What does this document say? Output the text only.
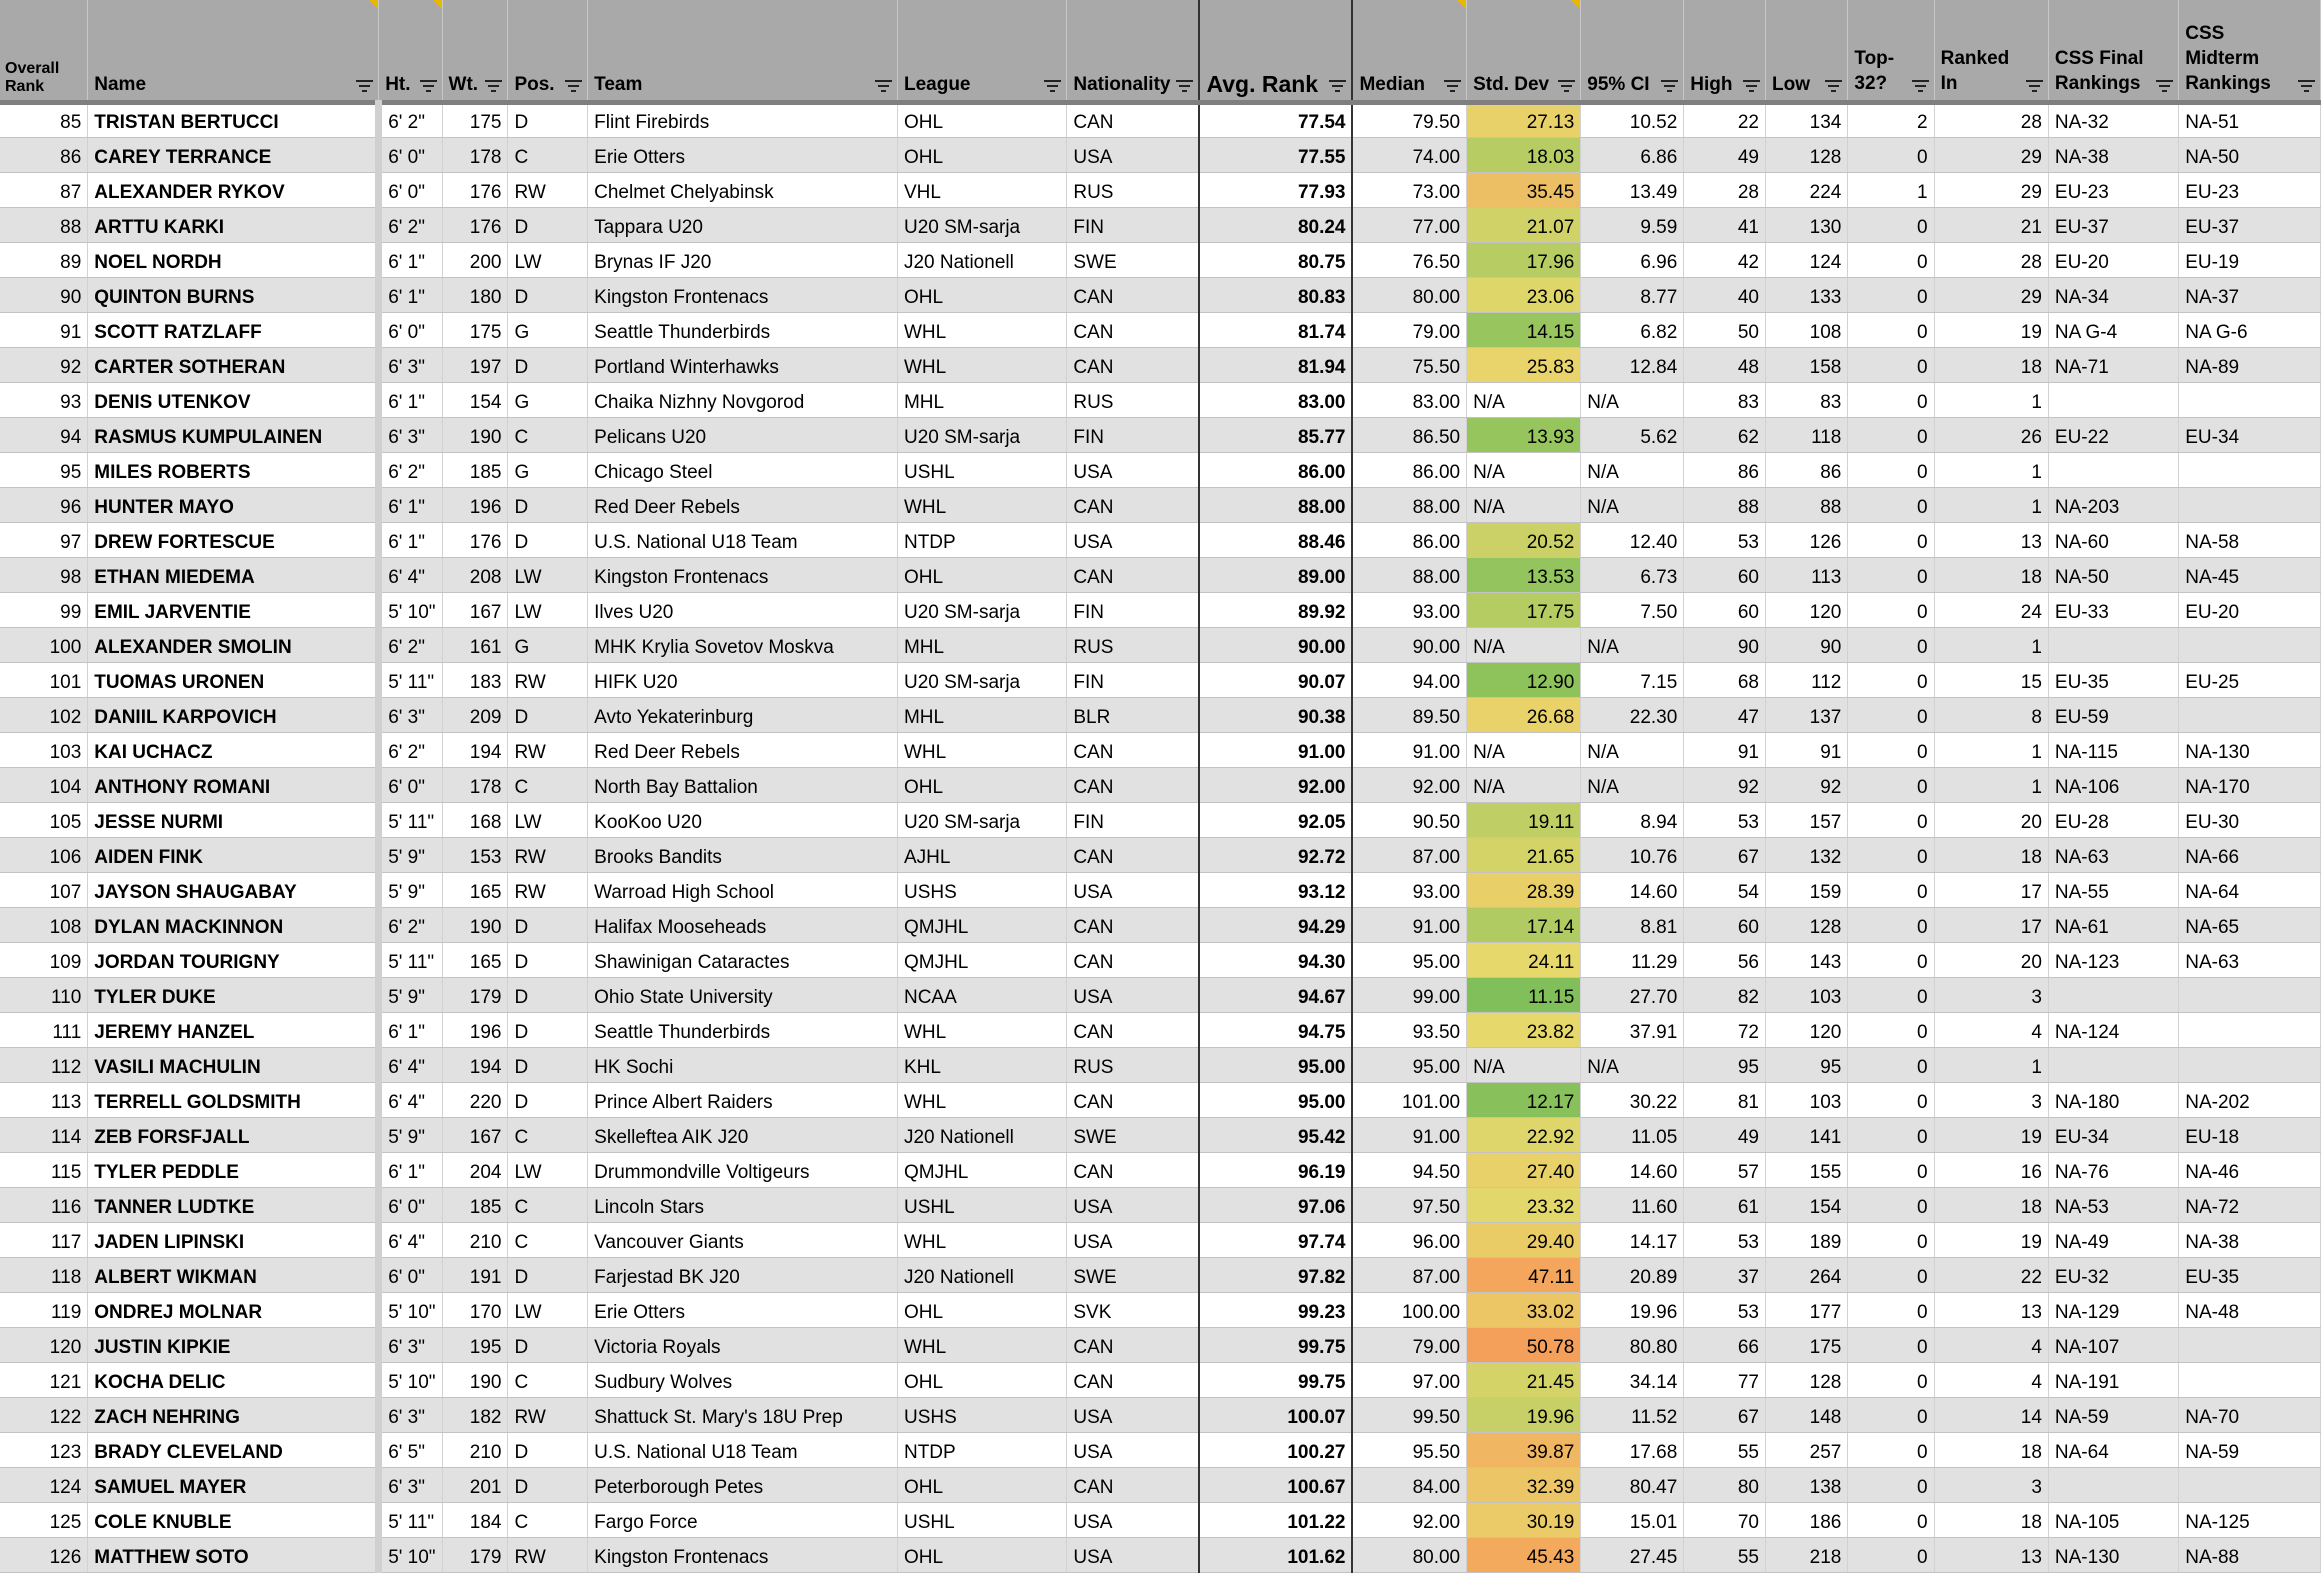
Overall Rank	Name	Ht.	Wt.	Pos.	Team	League	Nationality	Avg. Rank	Median	Std. Dev	95% CI	High	Low	Top-32?	Ranked In	CSS Final Rankings	CSS Midterm Rankings

85	TRISTAN BERTUCCI	6' 2"	175	D	Flint Firebirds	OHL	CAN	77.54	79.50	27.13	10.52	22	134	2	28	NA-32	NA-51
86	CAREY TERRANCE	6' 0"	178	C	Erie Otters	OHL	USA	77.55	74.00	18.03	6.86	49	128	0	29	NA-38	NA-50
87	ALEXANDER RYKOV	6' 0"	176	RW	Chelmet Chelyabinsk	VHL	RUS	77.93	73.00	35.45	13.49	28	224	1	29	EU-23	EU-23
88	ARTTU KARKI	6' 2"	176	D	Tappara U20	U20 SM-sarja	FIN	80.24	77.00	21.07	9.59	41	130	0	21	EU-37	EU-37
89	NOEL NORDH	6' 1"	200	LW	Brynas IF J20	J20 Nationell	SWE	80.75	76.50	17.96	6.96	42	124	0	28	EU-20	EU-19
90	QUINTON BURNS	6' 1"	180	D	Kingston Frontenacs	OHL	CAN	80.83	80.00	23.06	8.77	40	133	0	29	NA-34	NA-37
91	SCOTT RATZLAFF	6' 0"	175	G	Seattle Thunderbirds	WHL	CAN	81.74	79.00	14.15	6.82	50	108	0	19	NA G-4	NA G-6
92	CARTER SOTHERAN	6' 3"	197	D	Portland Winterhawks	WHL	CAN	81.94	75.50	25.83	12.84	48	158	0	18	NA-71	NA-89
93	DENIS UTENKOV	6' 1"	154	G	Chaika Nizhny Novgorod	MHL	RUS	83.00	83.00	N/A	N/A	83	83	0	1		
94	RASMUS KUMPULAINEN	6' 3"	190	C	Pelicans U20	U20 SM-sarja	FIN	85.77	86.50	13.93	5.62	62	118	0	26	EU-22	EU-34
95	MILES ROBERTS	6' 2"	185	G	Chicago Steel	USHL	USA	86.00	86.00	N/A	N/A	86	86	0	1		
96	HUNTER MAYO	6' 1"	196	D	Red Deer Rebels	WHL	CAN	88.00	88.00	N/A	N/A	88	88	0	1	NA-203	
97	DREW FORTESCUE	6' 1"	176	D	U.S. National U18 Team	NTDP	USA	88.46	86.00	20.52	12.40	53	126	0	13	NA-60	NA-58
98	ETHAN MIEDEMA	6' 4"	208	LW	Kingston Frontenacs	OHL	CAN	89.00	88.00	13.53	6.73	60	113	0	18	NA-50	NA-45
99	EMIL JARVENTIE	5' 10"	167	LW	Ilves U20	U20 SM-sarja	FIN	89.92	93.00	17.75	7.50	60	120	0	24	EU-33	EU-20
100	ALEXANDER SMOLIN	6' 2"	161	G	MHK Krylia Sovetov Moskva	MHL	RUS	90.00	90.00	N/A	N/A	90	90	0	1		
101	TUOMAS URONEN	5' 11"	183	RW	HIFK U20	U20 SM-sarja	FIN	90.07	94.00	12.90	7.15	68	112	0	15	EU-35	EU-25
102	DANIIL KARPOVICH	6' 3"	209	D	Avto Yekaterinburg	MHL	BLR	90.38	89.50	26.68	22.30	47	137	0	8	EU-59	
103	KAI UCHACZ	6' 2"	194	RW	Red Deer Rebels	WHL	CAN	91.00	91.00	N/A	N/A	91	91	0	1	NA-115	NA-130
104	ANTHONY ROMANI	6' 0"	178	C	North Bay Battalion	OHL	CAN	92.00	92.00	N/A	N/A	92	92	0	1	NA-106	NA-170
105	JESSE NURMI	5' 11"	168	LW	KooKoo U20	U20 SM-sarja	FIN	92.05	90.50	19.11	8.94	53	157	0	20	EU-28	EU-30
106	AIDEN FINK	5' 9"	153	RW	Brooks Bandits	AJHL	CAN	92.72	87.00	21.65	10.76	67	132	0	18	NA-63	NA-66
107	JAYSON SHAUGABAY	5' 9"	165	RW	Warroad High School	USHS	USA	93.12	93.00	28.39	14.60	54	159	0	17	NA-55	NA-64
108	DYLAN MACKINNON	6' 2"	190	D	Halifax Mooseheads	QMJHL	CAN	94.29	91.00	17.14	8.81	60	128	0	17	NA-61	NA-65
109	JORDAN TOURIGNY	5' 11"	165	D	Shawinigan Cataractes	QMJHL	CAN	94.30	95.00	24.11	11.29	56	143	0	20	NA-123	NA-63
110	TYLER DUKE	5' 9"	179	D	Ohio State University	NCAA	USA	94.67	99.00	11.15	27.70	82	103	0	3		
111	JEREMY HANZEL	6' 1"	196	D	Seattle Thunderbirds	WHL	CAN	94.75	93.50	23.82	37.91	72	120	0	4	NA-124	
112	VASILI MACHULIN	6' 4"	194	D	HK Sochi	KHL	RUS	95.00	95.00	N/A	N/A	95	95	0	1		
113	TERRELL GOLDSMITH	6' 4"	220	D	Prince Albert Raiders	WHL	CAN	95.00	101.00	12.17	30.22	81	103	0	3	NA-180	NA-202
114	ZEB FORSFJALL	5' 9"	167	C	Skelleftea AIK J20	J20 Nationell	SWE	95.42	91.00	22.92	11.05	49	141	0	19	EU-34	EU-18
115	TYLER PEDDLE	6' 1"	204	LW	Drummondville Voltigeurs	QMJHL	CAN	96.19	94.50	27.40	14.60	57	155	0	16	NA-76	NA-46
116	TANNER LUDTKE	6' 0"	185	C	Lincoln Stars	USHL	USA	97.06	97.50	23.32	11.60	61	154	0	18	NA-53	NA-72
117	JADEN LIPINSKI	6' 4"	210	C	Vancouver Giants	WHL	USA	97.74	96.00	29.40	14.17	53	189	0	19	NA-49	NA-38
118	ALBERT WIKMAN	6' 0"	191	D	Farjestad BK J20	J20 Nationell	SWE	97.82	87.00	47.11	20.89	37	264	0	22	EU-32	EU-35
119	ONDREJ MOLNAR	5' 10"	170	LW	Erie Otters	OHL	SVK	99.23	100.00	33.02	19.96	53	177	0	13	NA-129	NA-48
120	JUSTIN KIPKIE	6' 3"	195	D	Victoria Royals	WHL	CAN	99.75	79.00	50.78	80.80	66	175	0	4	NA-107	
121	KOCHA DELIC	5' 10"	190	C	Sudbury Wolves	OHL	CAN	99.75	97.00	21.45	34.14	77	128	0	4	NA-191	
122	ZACH NEHRING	6' 3"	182	RW	Shattuck St. Mary's 18U Prep	USHS	USA	100.07	99.50	19.96	11.52	67	148	0	14	NA-59	NA-70
123	BRADY CLEVELAND	6' 5"	210	D	U.S. National U18 Team	NTDP	USA	100.27	95.50	39.87	17.68	55	257	0	18	NA-64	NA-59
124	SAMUEL MAYER	6' 3"	201	D	Peterborough Petes	OHL	CAN	100.67	84.00	32.39	80.47	80	138	0	3		
125	COLE KNUBLE	5' 11"	184	C	Fargo Force	USHL	USA	101.22	92.00	30.19	15.01	70	186	0	18	NA-105	NA-125
126	MATTHEW SOTO	5' 10"	179	RW	Kingston Frontenacs	OHL	USA	101.62	80.00	45.43	27.45	55	218	0	13	NA-130	NA-88
